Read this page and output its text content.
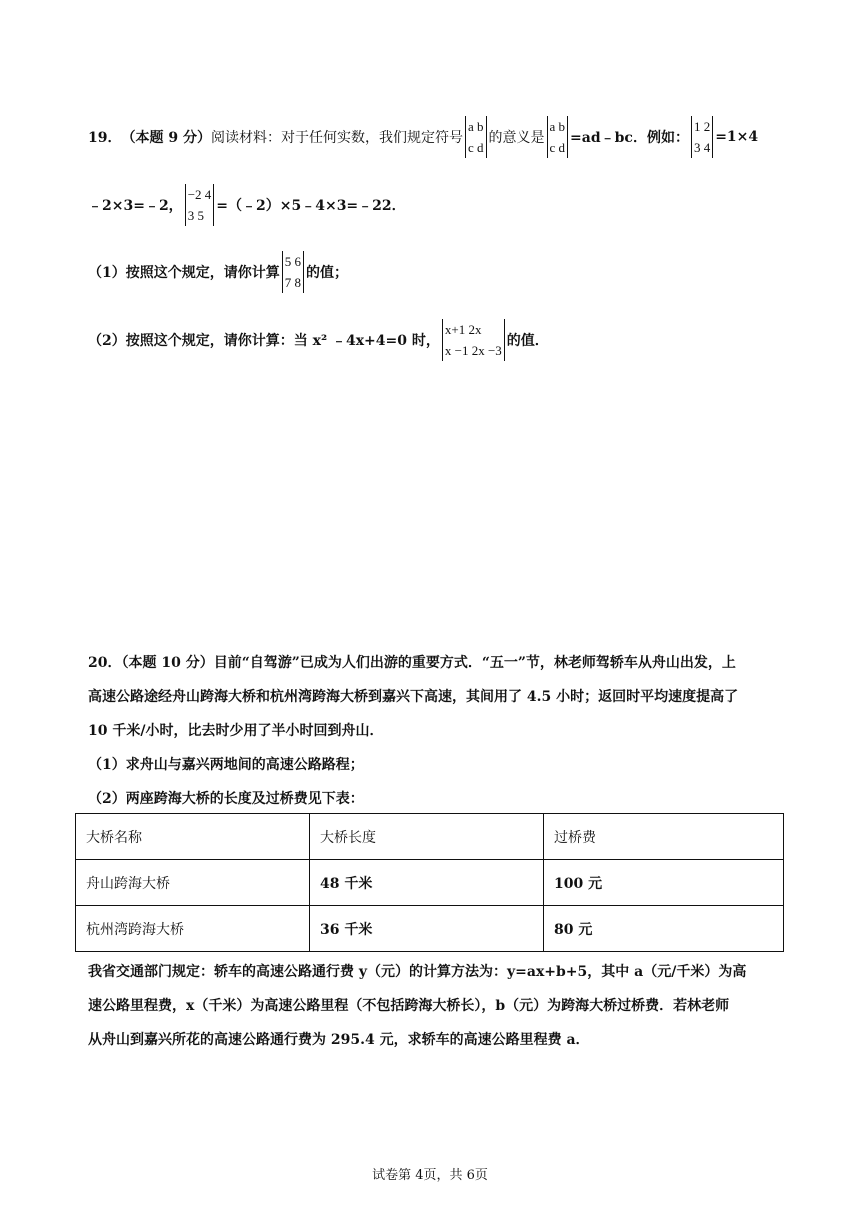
19． （本题 9 分） 阅读材料：对于任何实数，我们规定符号
a b
c d
的意义是
a b
c d
=ad﹣bc．例如：
1 2
3 4
=1×4
﹣2×3=﹣2，
−2 4
3 5
=（﹣2）×5﹣4×3=﹣22．
（1）按照这个规定，请你计算
5 6
7 8
的值；
（2）按照这个规定，请你计算：当 x² ﹣4x+4=0 时，
x+1 2x
x −1 2x −3
的值．
20．（本题 10 分）目前“自驾游”已成为人们出游的重要方式．“五一”节，林老师驾轿车从舟山出发，上
高速公路途经舟山跨海大桥和杭州湾跨海大桥到嘉兴下高速，其间用了 4.5 小时；返回时平均速度提高了
10 千米/小时，比去时少用了半小时回到舟山．
（1）求舟山与嘉兴两地间的高速公路路程；
（2）两座跨海大桥的长度及过桥费见下表：
大桥名称	大桥长度	过桥费
舟山跨海大桥	48 千米	100 元
杭州湾跨海大桥	36 千米	80 元
我省交通部门规定：轿车的高速公路通行费 y（元）的计算方法为：y=ax+b+5，其中 a（元/千米）为高
速公路里程费，x（千米）为高速公路里程（不包括跨海大桥长），b（元）为跨海大桥过桥费．若林老师
从舟山到嘉兴所花的高速公路通行费为 295.4 元，求轿车的高速公路里程费 a．
试卷第 4页，共 6页
